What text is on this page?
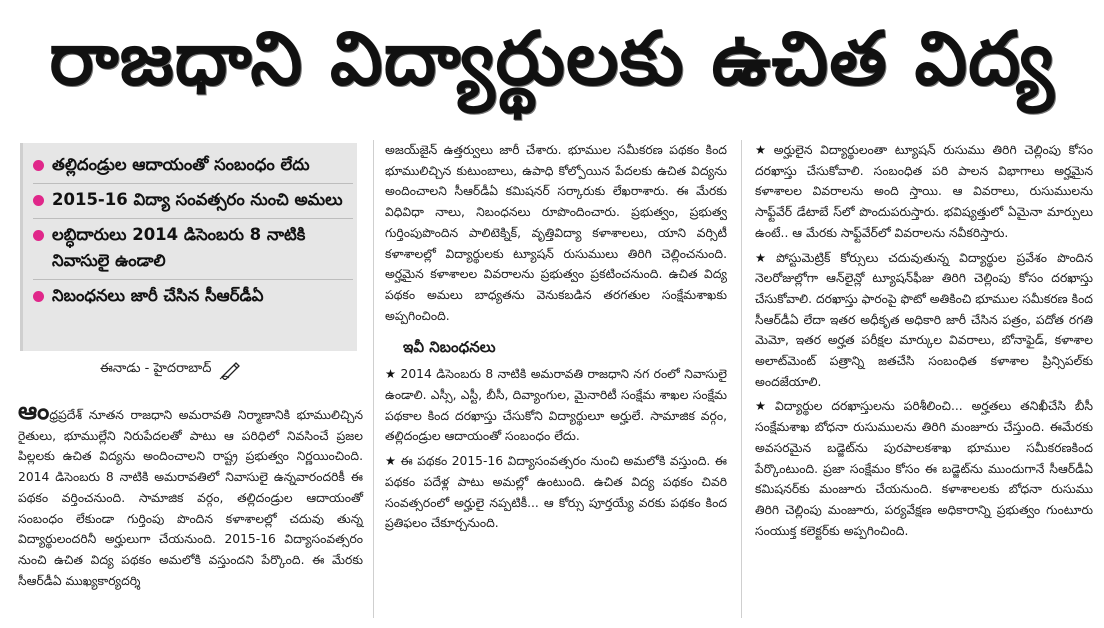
రాజధాని విద్యార్థులకు ఉచిత విద్య
తల్లిదండ్రుల ఆదాయంతో సంబంధం లేదు
2015-16 విద్యా సంవత్సరం నుంచి అమలు
లబ్ధిదారులు 2014 డిసెంబరు 8 నాటికి నివాసులై ఉండాలి
నిబంధనలు జారీ చేసిన సీఆర్‌డీఏ
ఈనాడు - హైదరాబాద్

ఆంధ్రప్రదేశ్ నూతన రాజధాని అమరావతి నిర్మాణానికి భూములిచ్చిన రైతులు, భూముల్లేని నిరుపేదలతో పాటు ఆ పరిధిలో నివసించే ప్రజల పిల్లలకు ఉచిత విద్యను అందించాలని రాష్ట్ర ప్రభుత్వం నిర్ణయించింది. 2014 డిసెంబరు 8 నాటికి అమరావతిలో నివాసులై ఉన్నవారందరికీ ఈ పథకం వర్తించనుంది. సామాజిక వర్గం, తల్లిదండ్రుల ఆదాయంతో సంబంధం లేకుండా గుర్తింపు పొందిన కళాశాలల్లో చదువు తున్న విద్యార్థులందరినీ అర్హులుగా చేయనుంది. 2015-16 విద్యాసంవత్సరం నుంచి ఉచిత విద్య పథకం అమలోకి వస్తుందని పేర్కొంది. ఈ మేరకు సీఆర్‌డీఏ ముఖ్యకార్యదర్శి

అజయ్‌జైన్ ఉత్తర్వులు జారీ చేశారు. భూముల సమీకరణ పథకం కింద భూములిచ్చిన కుటుంబాలు, ఉపాధి కోల్పోయిన పేదలకు ఉచిత విద్యను అందించాలని సీఆర్‌డీఏ కమిషనర్ సర్కారుకు లేఖరాశారు. ఈ మేరకు విధివిధా నాలు, నిబంధనలు రూపొందించారు. ప్రభుత్వం, ప్రభుత్వ గుర్తింపుపొందిన పాలిటెక్నిక్, వృత్తివిద్యా కళాశాలలు, యాని వర్సిటీ కళాశాలల్లో విద్యార్థులకు ట్యూషన్ రుసుములు తిరిగి చెల్లించనుంది. అర్హమైన కళాశాలల వివరాలను ప్రభుత్వం ప్రకటించనుంది. ఉచిత విద్య పథకం అమలు బాధ్యతను వెనుకబడిన తరగతుల సంక్షేమశాఖకు అప్పగించింది.

ఇవీ నిబంధనలు

★ 2014 డిసెంబరు 8 నాటికి అమరావతి రాజధాని నగ రంలో నివాసులై ఉండాలి. ఎస్సీ, ఎస్టీ, బీసీ, దివ్యాంగుల, మైనారిటీ సంక్షేమ శాఖల సంక్షేమ పథకాల కింద దరఖాస్తు చేసుకోని విద్యార్థులూ అర్హులే. సామాజిక వర్గం, తల్లిదండ్రుల ఆదాయంతో సంబంధం లేదు.

★ ఈ పథకం 2015-16 విద్యాసంవత్సరం నుంచి అమలోకి వస్తుంది. ఈ పథకం పదేళ్ల పాటు అమల్లో ఉంటుంది. ఉచిత విద్య పథకం చివరి సంవత్సరంలో అర్హులై నప్పటికీ... ఆ కోర్సు పూర్తయ్యే వరకు పథకం కింద ప్రతిఫలం చేకూర్చనుంది.

★ అర్హులైన విద్యార్థులంతా ట్యూషన్ రుసుము తిరిగి చెల్లింపు కోసం దరఖాస్తు చేసుకోవాలి. సంబంధిత పరి పాలన విభాగాలు అర్హమైన కళాశాలల వివరాలను అంది స్తాయి. ఆ వివరాలు, రుసుములను సాఫ్ట్‌వేర్ డేటాబే స్‌లో పొందుపరుస్తారు. భవిష్యత్తులో ఏమైనా మార్పులు ఉంటే.. ఆ మేరకు సాఫ్ట్‌వేర్‌లో వివరాలను నవీకరిస్తారు.

★ పోస్టుమెట్రిక్ కోర్సులు చదువుతున్న విద్యార్థుల ప్రవేశం పొందిన నెలరోజుల్లోగా ఆన్‌లైన్లో ట్యూషన్‌ఫీజు తిరిగి చెల్లింపు కోసం దరఖాస్తు చేసుకోవాలి. దరఖాస్తు ఫారంపై ఫొటో అతికించి భూముల సమీకరణ కింద సీఆర్‌డీఏ లేదా ఇతర అధీకృత అధికారి జారీ చేసిన పత్రం, పదోత రగతి మెమో, ఇతర అర్హత పరీక్షల మార్కుల వివరాలు, బోనాఫైడ్, కళాశాల అలాట్‌మెంట్ పత్రాన్ని జతచేసి సంబంధిత కళాశాల ప్రిన్సిపల్‌కు అందజేయాలి.

★ విద్యార్థుల దరఖాస్తులను పరిశీలించి... అర్హతలు తనిఖీచేసి బీసీ సంక్షేమశాఖ బోధనా రుసుములను తిరిగి మంజూరు చేస్తుంది. ఈమేరకు అవసరమైన బడ్జెట్‌ను పురపాలకశాఖ భూముల సమీకరణకింద పేర్కొంటుంది. ప్రజా సంక్షేమం కోసం ఈ బడ్జెట్‌ను ముందుగానే సీఆర్‌డీఏ కమిషనర్‌కు మంజూరు చేయనుంది. కళాశాలలకు బోధనా రుసుము తిరిగి చెల్లింపు మంజూరు, పర్యవేక్షణ అధికారాన్ని ప్రభుత్వం గుంటూరు సంయుక్త కలెక్టర్‌కు అప్పగించింది.
